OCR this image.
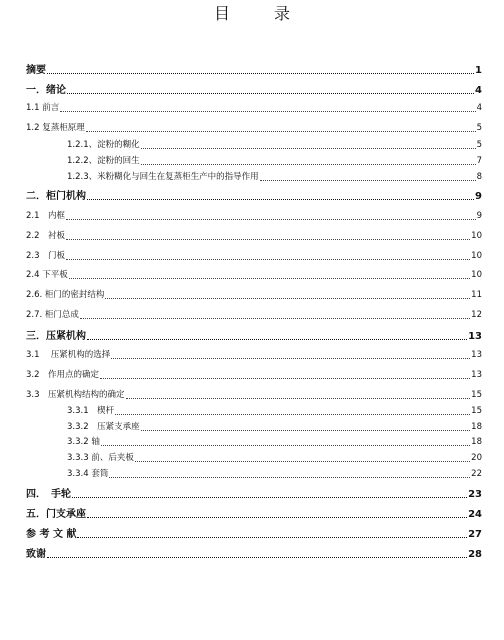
目　录
摘要	1
一．绪论	4
1.1 前言	4
1.2 复蒸柜原理	5
1.2.1、淀粉的糊化	5
1.2.2、淀粉的回生	7
1.2.3、米粉糊化与回生在复蒸柜生产中的指导作用	8
二．柜门机构	9
2.1　内框	9
2.2　衬板	10
2.3　门板	10
2.4 下平板	10
2.6. 柜门的密封结构	11
2.7. 柜门总成	12
三．压紧机构	13
3.1　 压紧机构的选择	13
3.2　作用点的确定	13
3.3　压紧机构结构的确定	15
3.3.1　楔杆	15
3.3.2　压紧支承座	18
3.3.2 轴	18
3.3.3 前、后夹板	20
3.3.4 套筒	22
四．　手轮	23
五．门支承座	24
参 考 文 献	27
致谢	28
